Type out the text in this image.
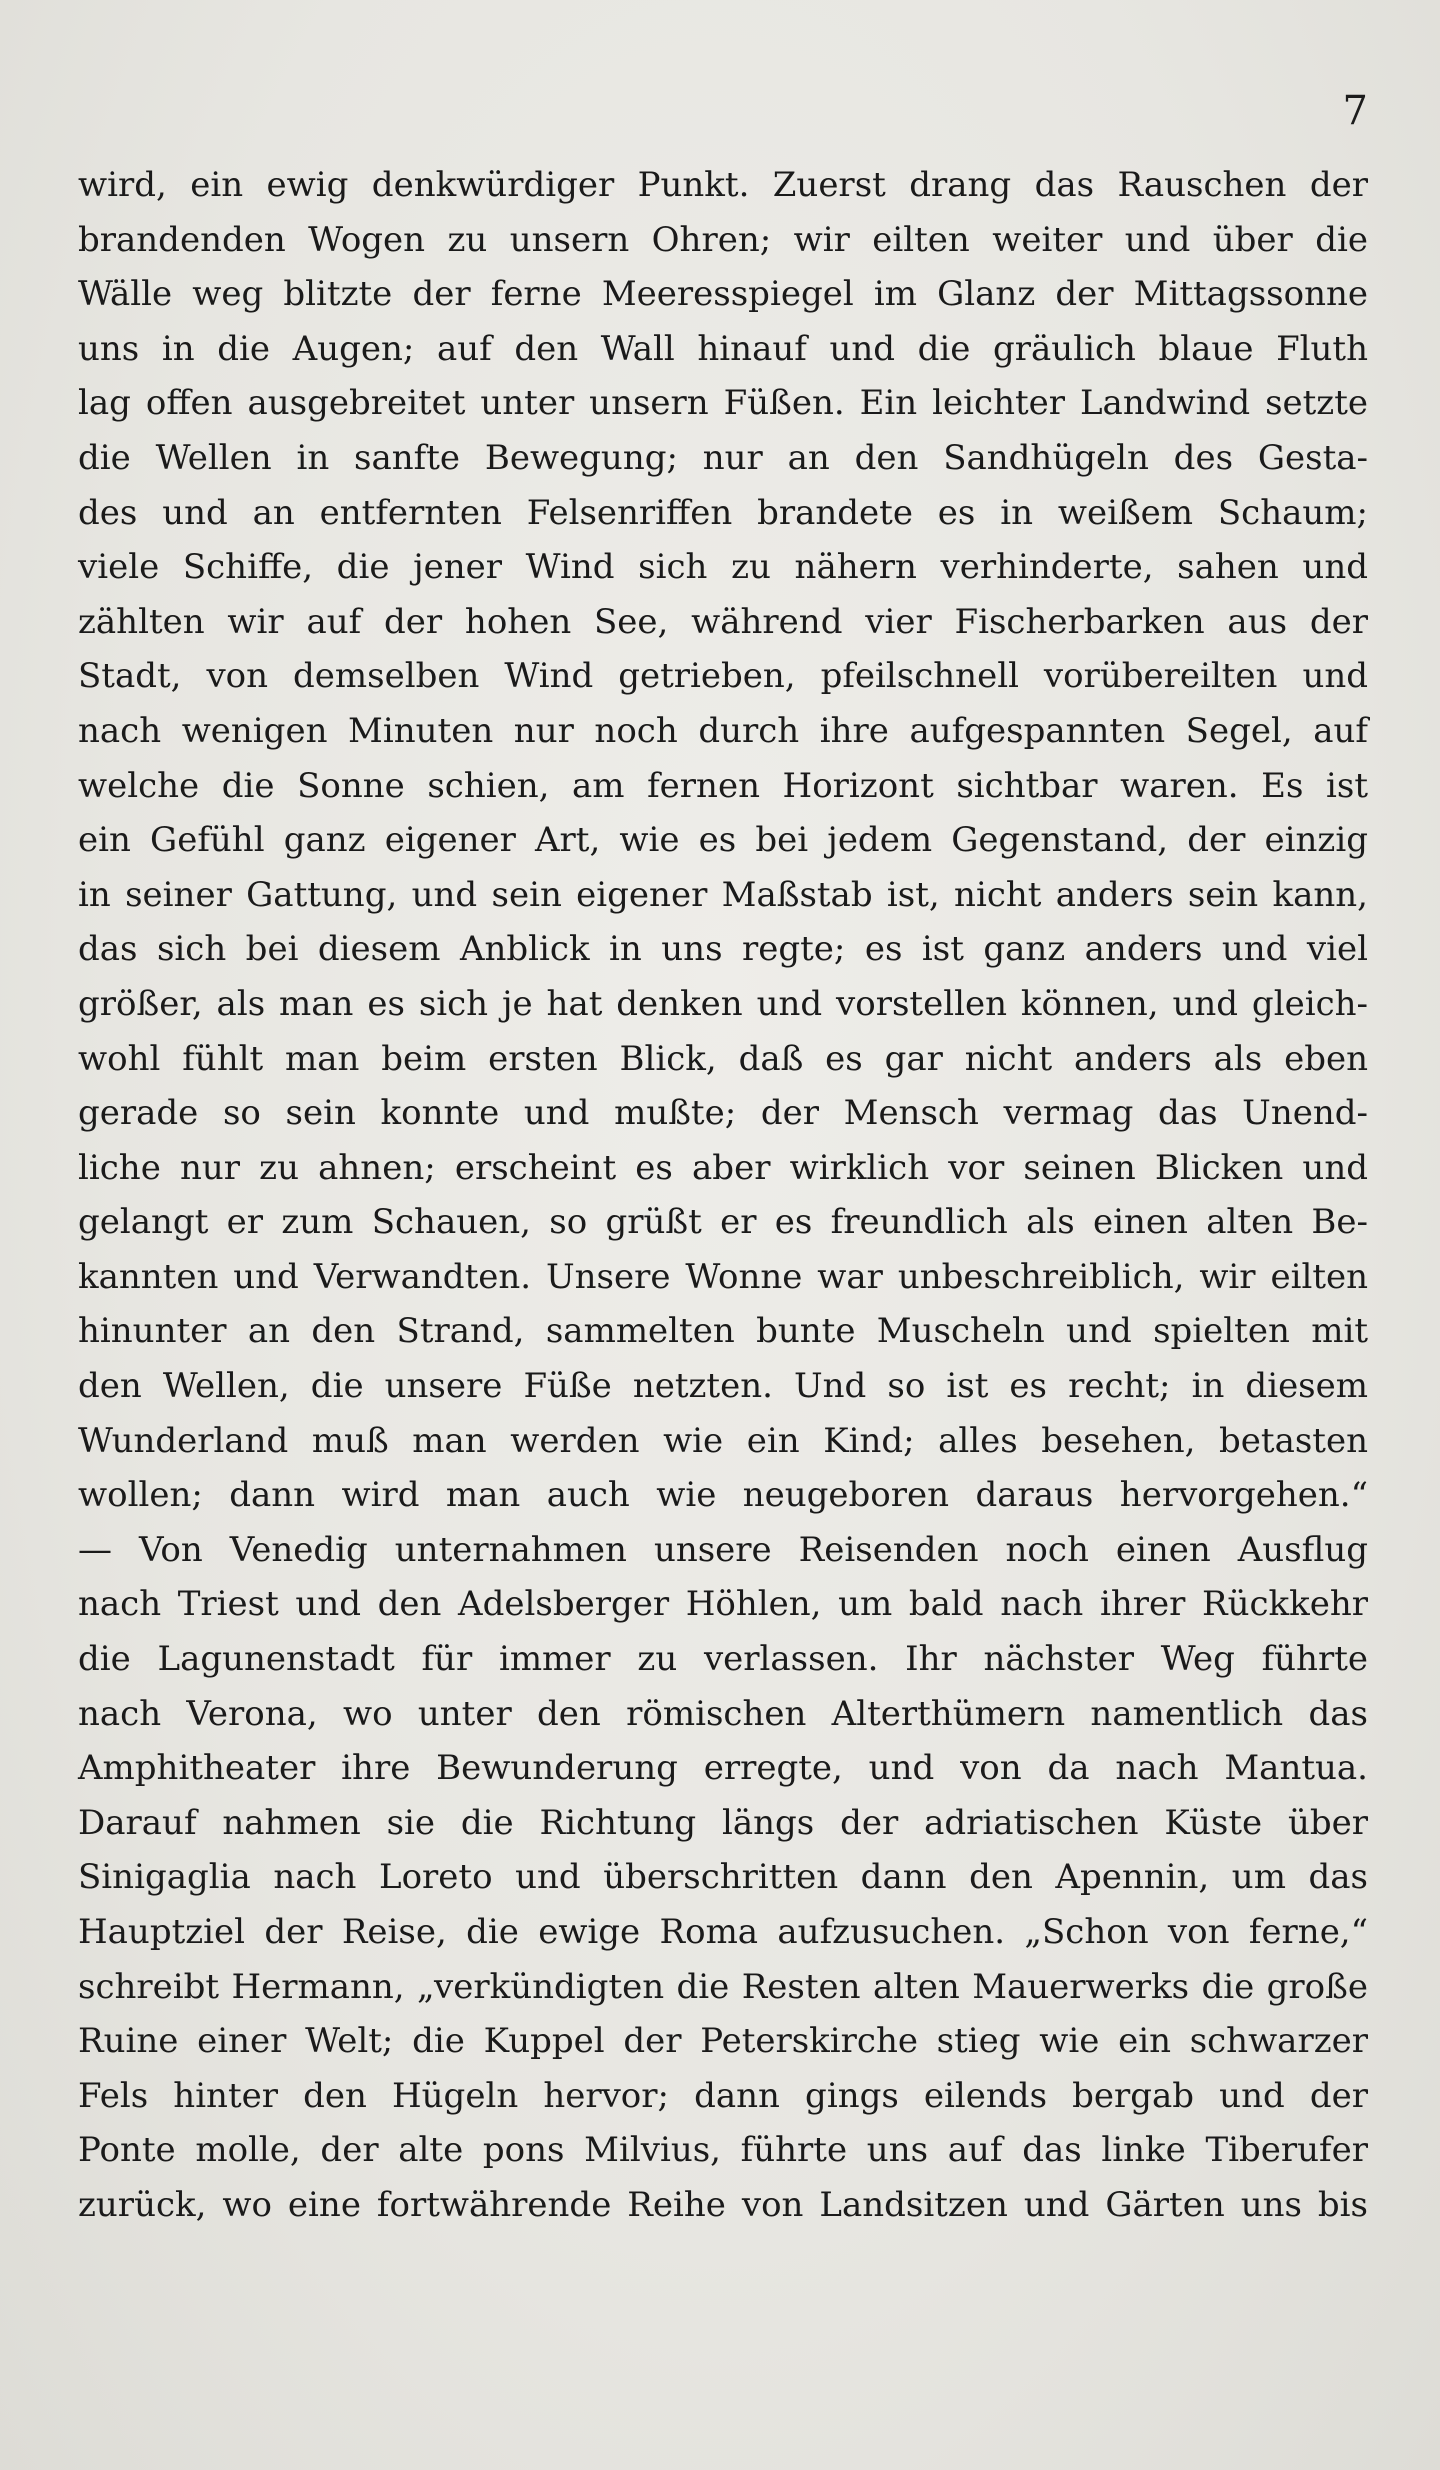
7

wird, ein ewig denkwürdiger Punkt. Zuerst drang das Rauschen der
brandenden Wogen zu unsern Ohren; wir eilten weiter und über die
Wälle weg blitzte der ferne Meeresspiegel im Glanz der Mittagssonne
uns in die Augen; auf den Wall hinauf und die gräulich blaue Fluth
lag offen ausgebreitet unter unsern Füßen. Ein leichter Landwind setzte
die Wellen in sanfte Bewegung; nur an den Sandhügeln des Gesta-
des und an entfernten Felsenriffen brandete es in weißem Schaum;
viele Schiffe, die jener Wind sich zu nähern verhinderte, sahen und
zählten wir auf der hohen See, während vier Fischerbarken aus der
Stadt, von demselben Wind getrieben, pfeilschnell vorübereilten und
nach wenigen Minuten nur noch durch ihre aufgespannten Segel, auf
welche die Sonne schien, am fernen Horizont sichtbar waren. Es ist
ein Gefühl ganz eigener Art, wie es bei jedem Gegenstand, der einzig
in seiner Gattung, und sein eigener Maßstab ist, nicht anders sein kann,
das sich bei diesem Anblick in uns regte; es ist ganz anders und viel
größer, als man es sich je hat denken und vorstellen können, und gleich-
wohl fühlt man beim ersten Blick, daß es gar nicht anders als eben
gerade so sein konnte und mußte; der Mensch vermag das Unend-
liche nur zu ahnen; erscheint es aber wirklich vor seinen Blicken und
gelangt er zum Schauen, so grüßt er es freundlich als einen alten Be-
kannten und Verwandten. Unsere Wonne war unbeschreiblich, wir eilten
hinunter an den Strand, sammelten bunte Muscheln und spielten mit
den Wellen, die unsere Füße netzten. Und so ist es recht; in diesem
Wunderland muß man werden wie ein Kind; alles besehen, betasten
wollen; dann wird man auch wie neugeboren daraus hervorgehen.“
— Von Venedig unternahmen unsere Reisenden noch einen Ausflug
nach Triest und den Adelsberger Höhlen, um bald nach ihrer Rückkehr
die Lagunenstadt für immer zu verlassen. Ihr nächster Weg führte
nach Verona, wo unter den römischen Alterthümern namentlich das
Amphitheater ihre Bewunderung erregte, und von da nach Mantua.
Darauf nahmen sie die Richtung längs der adriatischen Küste über
Sinigaglia nach Loreto und überschritten dann den Apennin, um das
Hauptziel der Reise, die ewige Roma aufzusuchen. „Schon von ferne,“
schreibt Hermann, „verkündigten die Resten alten Mauerwerks die große
Ruine einer Welt; die Kuppel der Peterskirche stieg wie ein schwarzer
Fels hinter den Hügeln hervor; dann gings eilends bergab und der
Ponte molle, der alte pons Milvius, führte uns auf das linke Tiberufer
zurück, wo eine fortwährende Reihe von Landsitzen und Gärten uns bis
